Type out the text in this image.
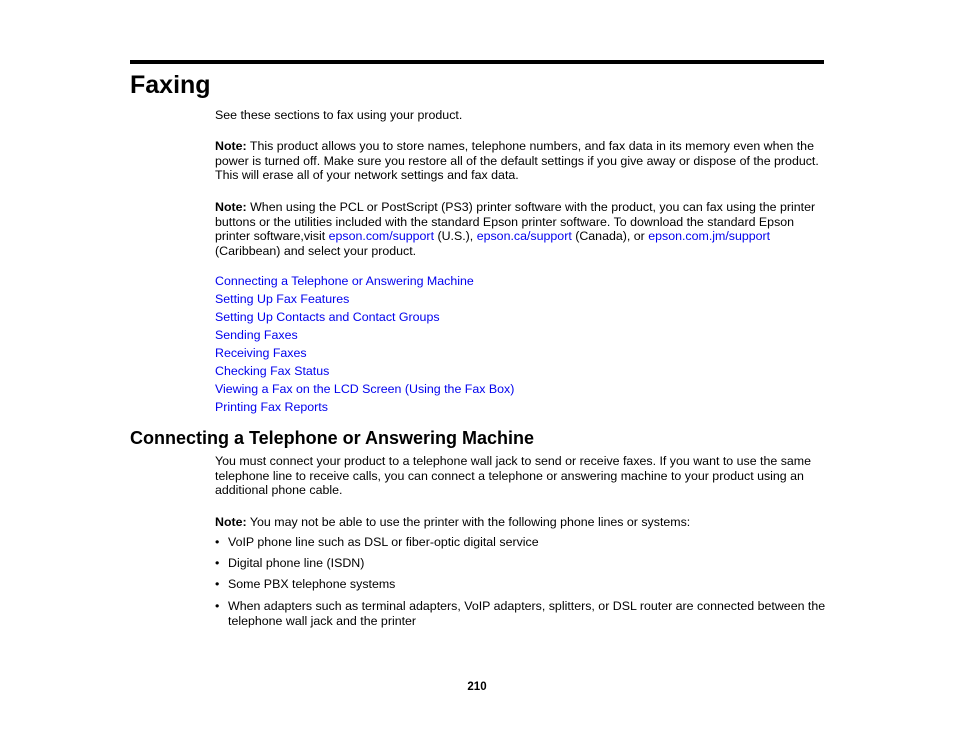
Faxing

See these sections to fax using your product.

Note: This product allows you to store names, telephone numbers, and fax data in its memory even when the power is turned off. Make sure you restore all of the default settings if you give away or dispose of the product. This will erase all of your network settings and fax data.

Note: When using the PCL or PostScript (PS3) printer software with the product, you can fax using the printer buttons or the utilities included with the standard Epson printer software. To download the standard Epson printer software,visit epson.com/support (U.S.), epson.ca/support (Canada), or epson.com.jm/support (Caribbean) and select your product.

Connecting a Telephone or Answering Machine
Setting Up Fax Features
Setting Up Contacts and Contact Groups
Sending Faxes
Receiving Faxes
Checking Fax Status
Viewing a Fax on the LCD Screen (Using the Fax Box)
Printing Fax Reports
Connecting a Telephone or Answering Machine

You must connect your product to a telephone wall jack to send or receive faxes. If you want to use the same telephone line to receive calls, you can connect a telephone or answering machine to your product using an additional phone cable.

Note: You may not be able to use the printer with the following phone lines or systems:

• VoIP phone line such as DSL or fiber-optic digital service
• Digital phone line (ISDN)
• Some PBX telephone systems
• When adapters such as terminal adapters, VoIP adapters, splitters, or DSL router are connected between the telephone wall jack and the printer
210
